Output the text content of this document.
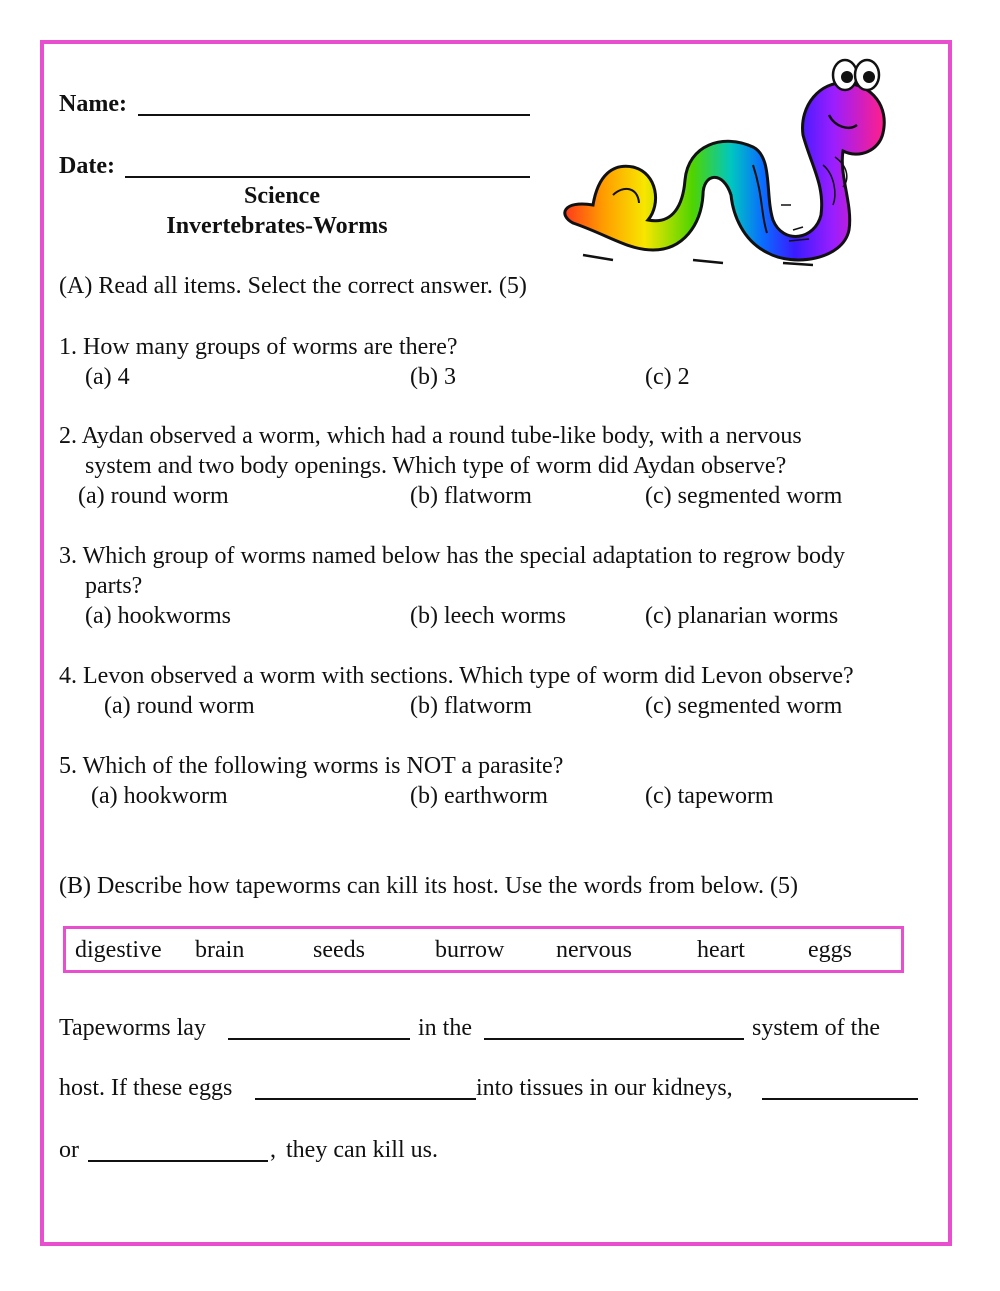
Name:
Date:
Science
Invertebrates-Worms
(A) Read all items. Select the correct answer. (5)
1. How many groups of worms are there?
(a) 4	(b) 3	(c) 2
2. Aydan observed a worm, which had a round tube-like body, with a nervous
system and two body openings. Which type of worm did Aydan observe?
(a) round worm	(b) flatworm	(c) segmented worm
3. Which group of worms named below has the special adaptation to regrow body
parts?
(a) hookworms	(b) leech worms	(c) planarian worms
4. Levon observed a worm with sections. Which type of worm did Levon observe?
(a) round worm	(b) flatworm	(c) segmented worm
5. Which of the following worms is NOT a parasite?
(a) hookworm	(b) earthworm	(c) tapeworm
(B) Describe how tapeworms can kill its host. Use the words from below. (5)
digestive brain	seeds	burrow nervous	heart	eggs
Tapeworms lay	in the	system of the
host. If these eggs	into tissues in our kidneys,
or	, they can kill us.
